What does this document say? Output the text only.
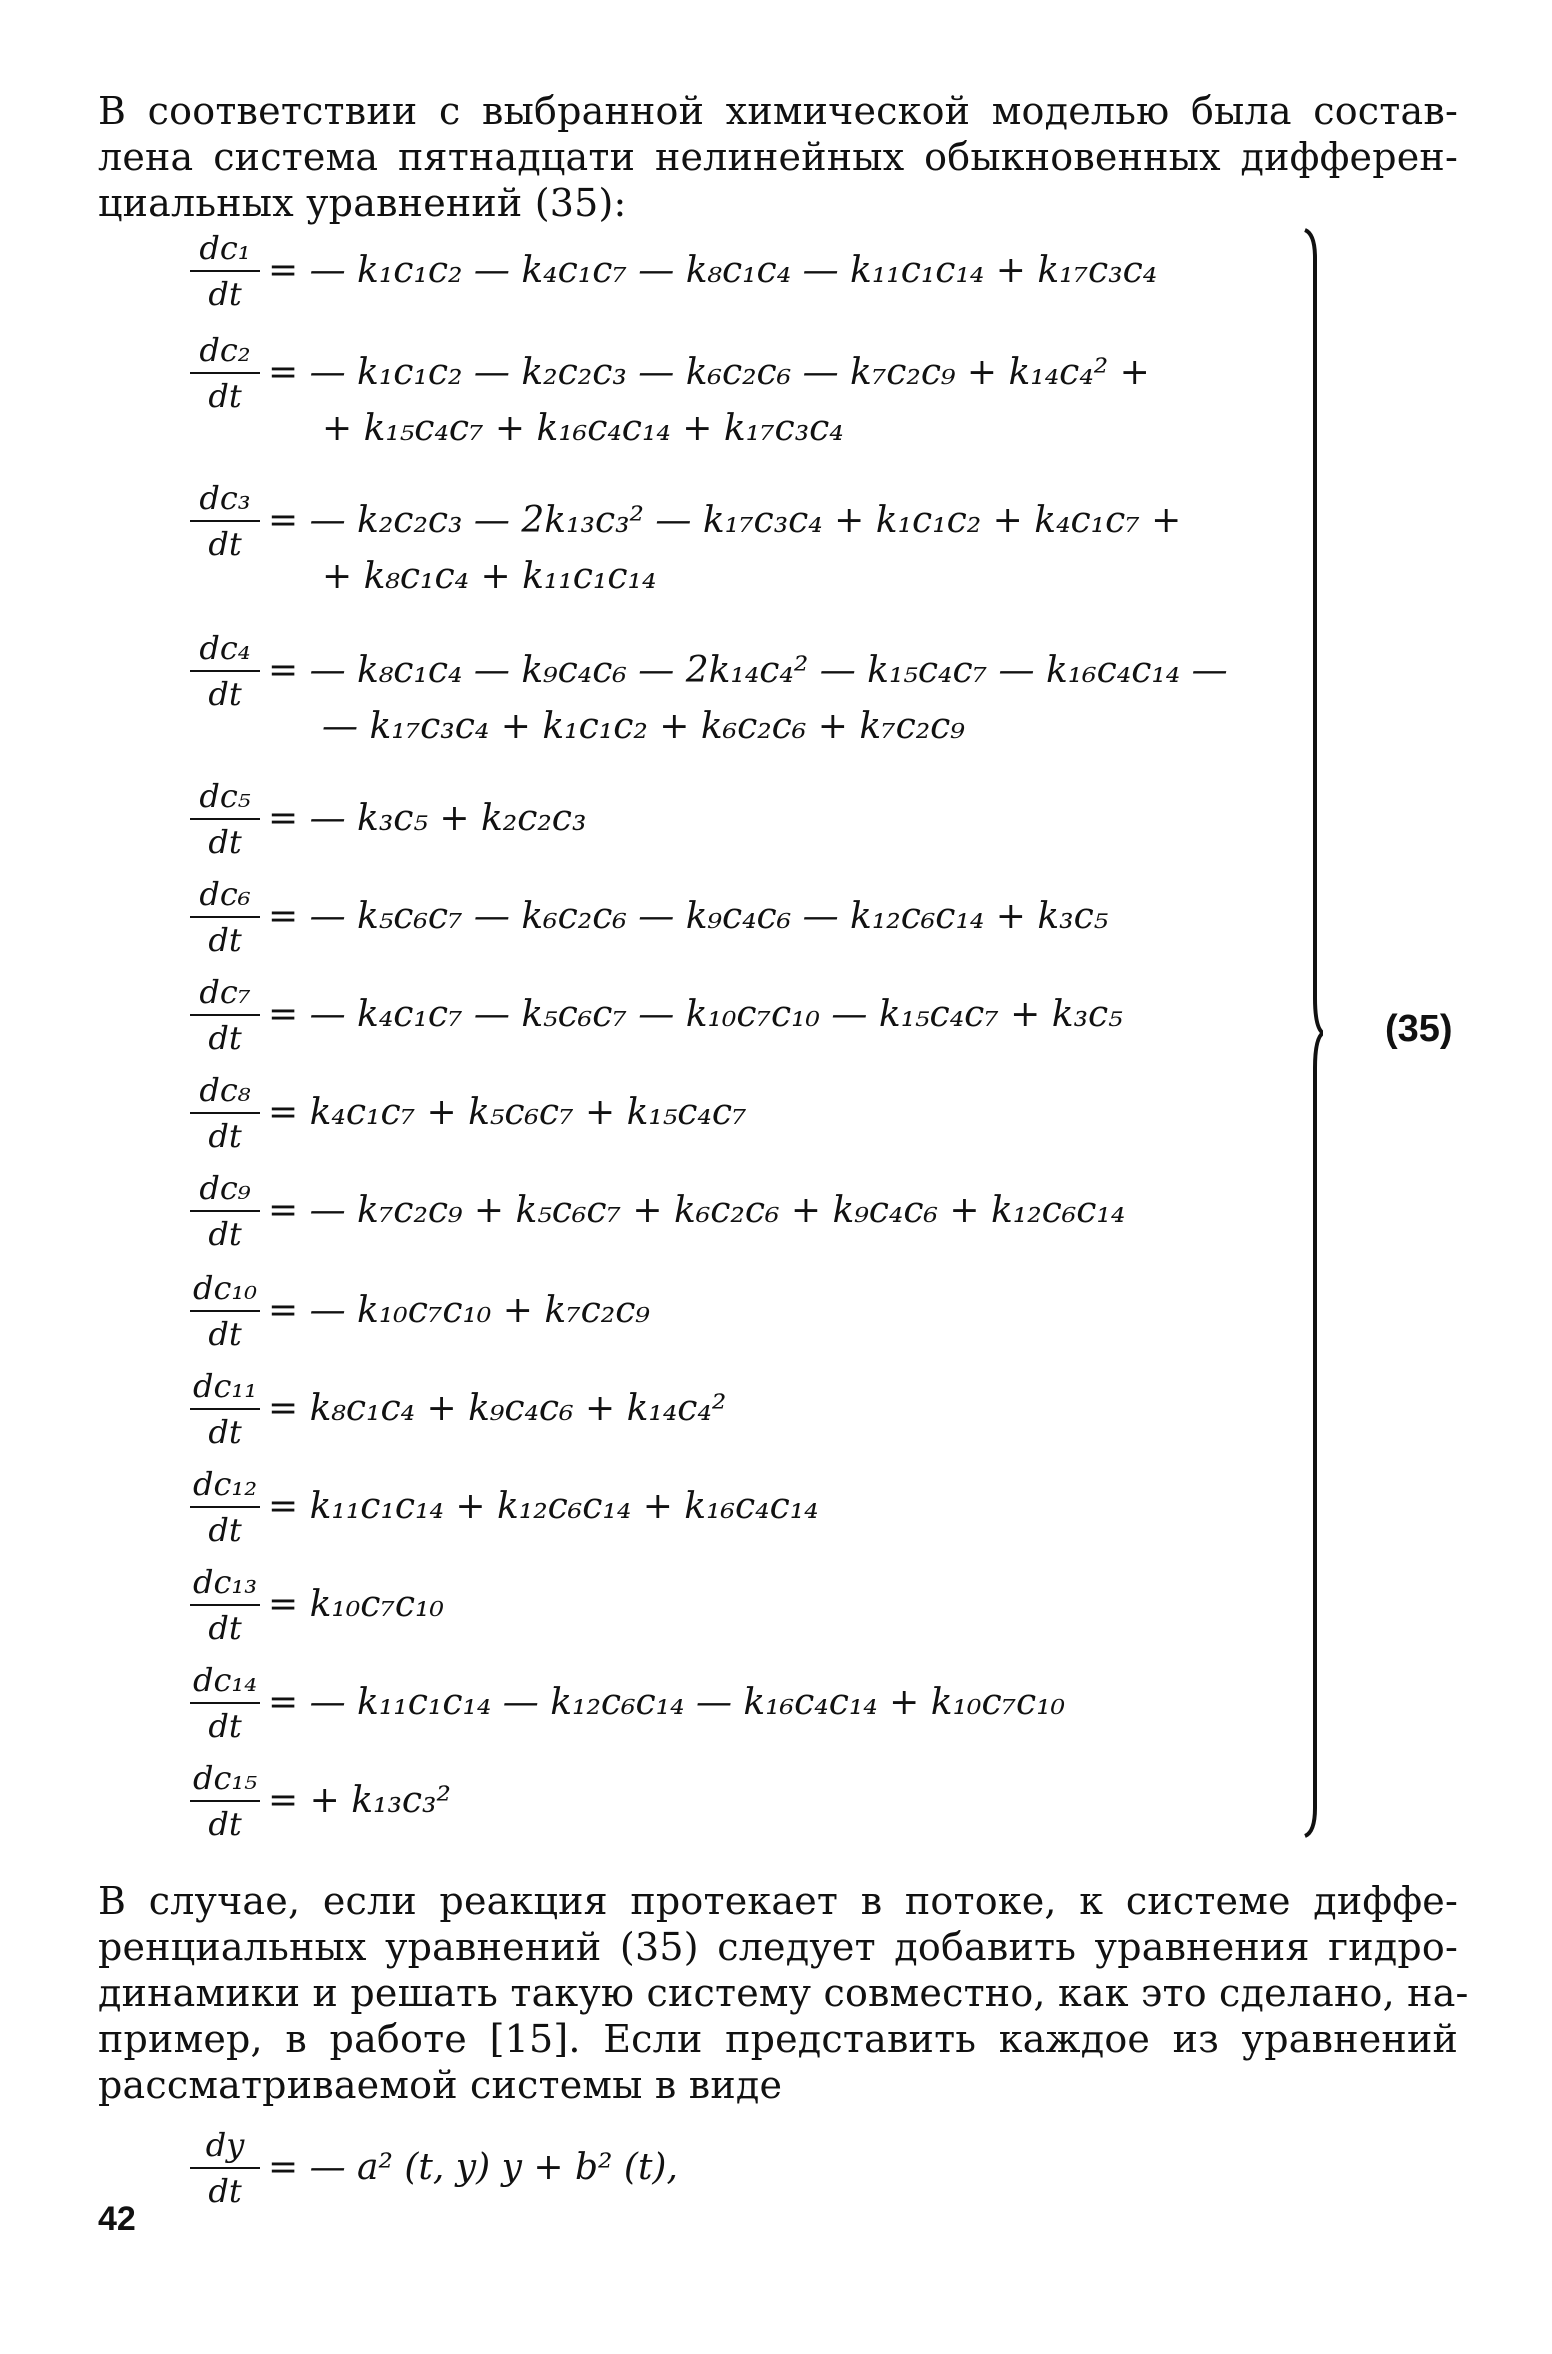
В соответствии с выбранной химической моделью была состав-
лена система пятнадцати нелинейных обыкновенных дифферен-
циальных уравнений (35):
dc₁
dt
= — k₁c₁c₂ — k₄c₁c₇ — k₈c₁c₄ — k₁₁c₁c₁₄ + k₁₇c₃c₄
dc₂
dt
= — k₁c₁c₂ — k₂c₂c₃ — k₆c₂c₆ — k₇c₂c₉ + k₁₄c₄² +
+ k₁₅c₄c₇ + k₁₆c₄c₁₄ + k₁₇c₃c₄
dc₃
dt
= — k₂c₂c₃ — 2k₁₃c₃² — k₁₇c₃c₄ + k₁c₁c₂ + k₄c₁c₇ +
+ k₈c₁c₄ + k₁₁c₁c₁₄
dc₄
dt
= — k₈c₁c₄ — k₉c₄c₆ — 2k₁₄c₄² — k₁₅c₄c₇ — k₁₆c₄c₁₄ —
— k₁₇c₃c₄ + k₁c₁c₂ + k₆c₂c₆ + k₇c₂c₉
dc₅
dt
= — k₃c₅ + k₂c₂c₃
dc₆
dt
= — k₅c₆c₇ — k₆c₂c₆ — k₉c₄c₆ — k₁₂c₆c₁₄ + k₃c₅
dc₇
dt
= — k₄c₁c₇ — k₅c₆c₇ — k₁₀c₇c₁₀ — k₁₅c₄c₇ + k₃c₅
dc₈
dt
= k₄c₁c₇ + k₅c₆c₇ + k₁₅c₄c₇
dc₉
dt
= — k₇c₂c₉ + k₅c₆c₇ + k₆c₂c₆ + k₉c₄c₆ + k₁₂c₆c₁₄
dc₁₀
dt
= — k₁₀c₇c₁₀ + k₇c₂c₉
dc₁₁
dt
= k₈c₁c₄ + k₉c₄c₆ + k₁₄c₄²
dc₁₂
dt
= k₁₁c₁c₁₄ + k₁₂c₆c₁₄ + k₁₆c₄c₁₄
dc₁₃
dt
= k₁₀c₇c₁₀
dc₁₄
dt
= — k₁₁c₁c₁₄ — k₁₂c₆c₁₄ — k₁₆c₄c₁₄ + k₁₀c₇c₁₀
dc₁₅
dt
= + k₁₃c₃²
(35)
В случае, если реакция протекает в потоке, к системе диффе-
ренциальных уравнений (35) следует добавить уравнения гидро-
динамики и решать такую систему совместно, как это сделано, на-
пример, в работе [15]. Если представить каждое из уравнений
рассматриваемой системы в виде
dy
dt
= — a² (t, y) y + b² (t),
42
